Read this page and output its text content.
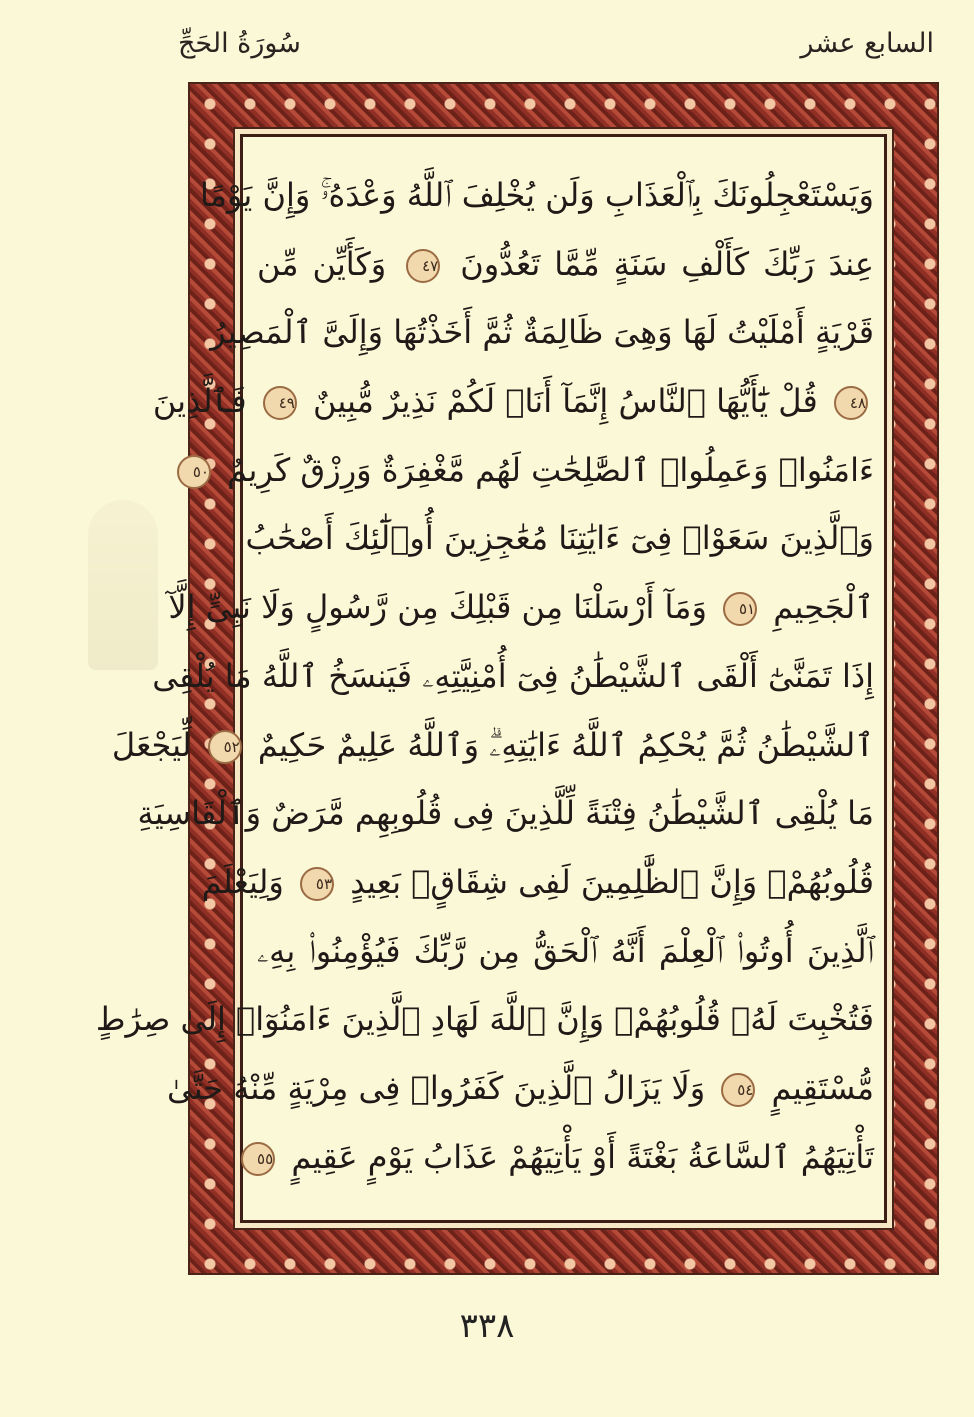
السابع عشر
سُورَةُ الحَجِّ
وَيَسْتَعْجِلُونَكَ بِٱلْعَذَابِ وَلَن يُخْلِفَ ٱللَّهُ وَعْدَهُۥۚ وَإِنَّ يَوْمًا
عِندَ رَبِّكَ كَأَلْفِ سَنَةٍ مِّمَّا تَعُدُّونَ ٤٧ وَكَأَيِّن مِّن
قَرْيَةٍ أَمْلَيْتُ لَهَا وَهِىَ ظَالِمَةٌ ثُمَّ أَخَذْتُهَا وَإِلَىَّ ٱلْمَصِيرُ
٤٨ قُلْ يَٰٓأَيُّهَا ٱلنَّاسُ إِنَّمَآ أَنَا۠ لَكُمْ نَذِيرٌ مُّبِينٌ ٤٩ فَٱلَّذِينَ
ءَامَنُوا۟ وَعَمِلُوا۟ ٱلصَّٰلِحَٰتِ لَهُم مَّغْفِرَةٌ وَرِزْقٌ كَرِيمٌ ٥٠
وَٱلَّذِينَ سَعَوْا۟ فِىٓ ءَايَٰتِنَا مُعَٰجِزِينَ أُو۟لَٰٓئِكَ أَصْحَٰبُ
ٱلْجَحِيمِ ٥١ وَمَآ أَرْسَلْنَا مِن قَبْلِكَ مِن رَّسُولٍ وَلَا نَبِىٍّ إِلَّآ
إِذَا تَمَنَّىٰٓ أَلْقَى ٱلشَّيْطَٰنُ فِىٓ أُمْنِيَّتِهِۦ فَيَنسَخُ ٱللَّهُ مَا يُلْقِى
ٱلشَّيْطَٰنُ ثُمَّ يُحْكِمُ ٱللَّهُ ءَايَٰتِهِۦۗ وَٱللَّهُ عَلِيمٌ حَكِيمٌ ٥٢ لِّيَجْعَلَ
مَا يُلْقِى ٱلشَّيْطَٰنُ فِتْنَةً لِّلَّذِينَ فِى قُلُوبِهِم مَّرَضٌ وَٱلْقَاسِيَةِ
قُلُوبُهُمْۗ وَإِنَّ ٱلظَّٰلِمِينَ لَفِى شِقَاقٍۭ بَعِيدٍ ٥٣ وَلِيَعْلَمَ
ٱلَّذِينَ أُوتُوا۟ ٱلْعِلْمَ أَنَّهُ ٱلْحَقُّ مِن رَّبِّكَ فَيُؤْمِنُوا۟ بِهِۦ
فَتُخْبِتَ لَهُۥ قُلُوبُهُمْۗ وَإِنَّ ٱللَّهَ لَهَادِ ٱلَّذِينَ ءَامَنُوٓا۟ إِلَىٰ صِرَٰطٍ
مُّسْتَقِيمٍ ٥٤ وَلَا يَزَالُ ٱلَّذِينَ كَفَرُوا۟ فِى مِرْيَةٍ مِّنْهُ حَتَّىٰ
تَأْتِيَهُمُ ٱلسَّاعَةُ بَغْتَةً أَوْ يَأْتِيَهُمْ عَذَابُ يَوْمٍ عَقِيمٍ ٥٥
٣٣٨
